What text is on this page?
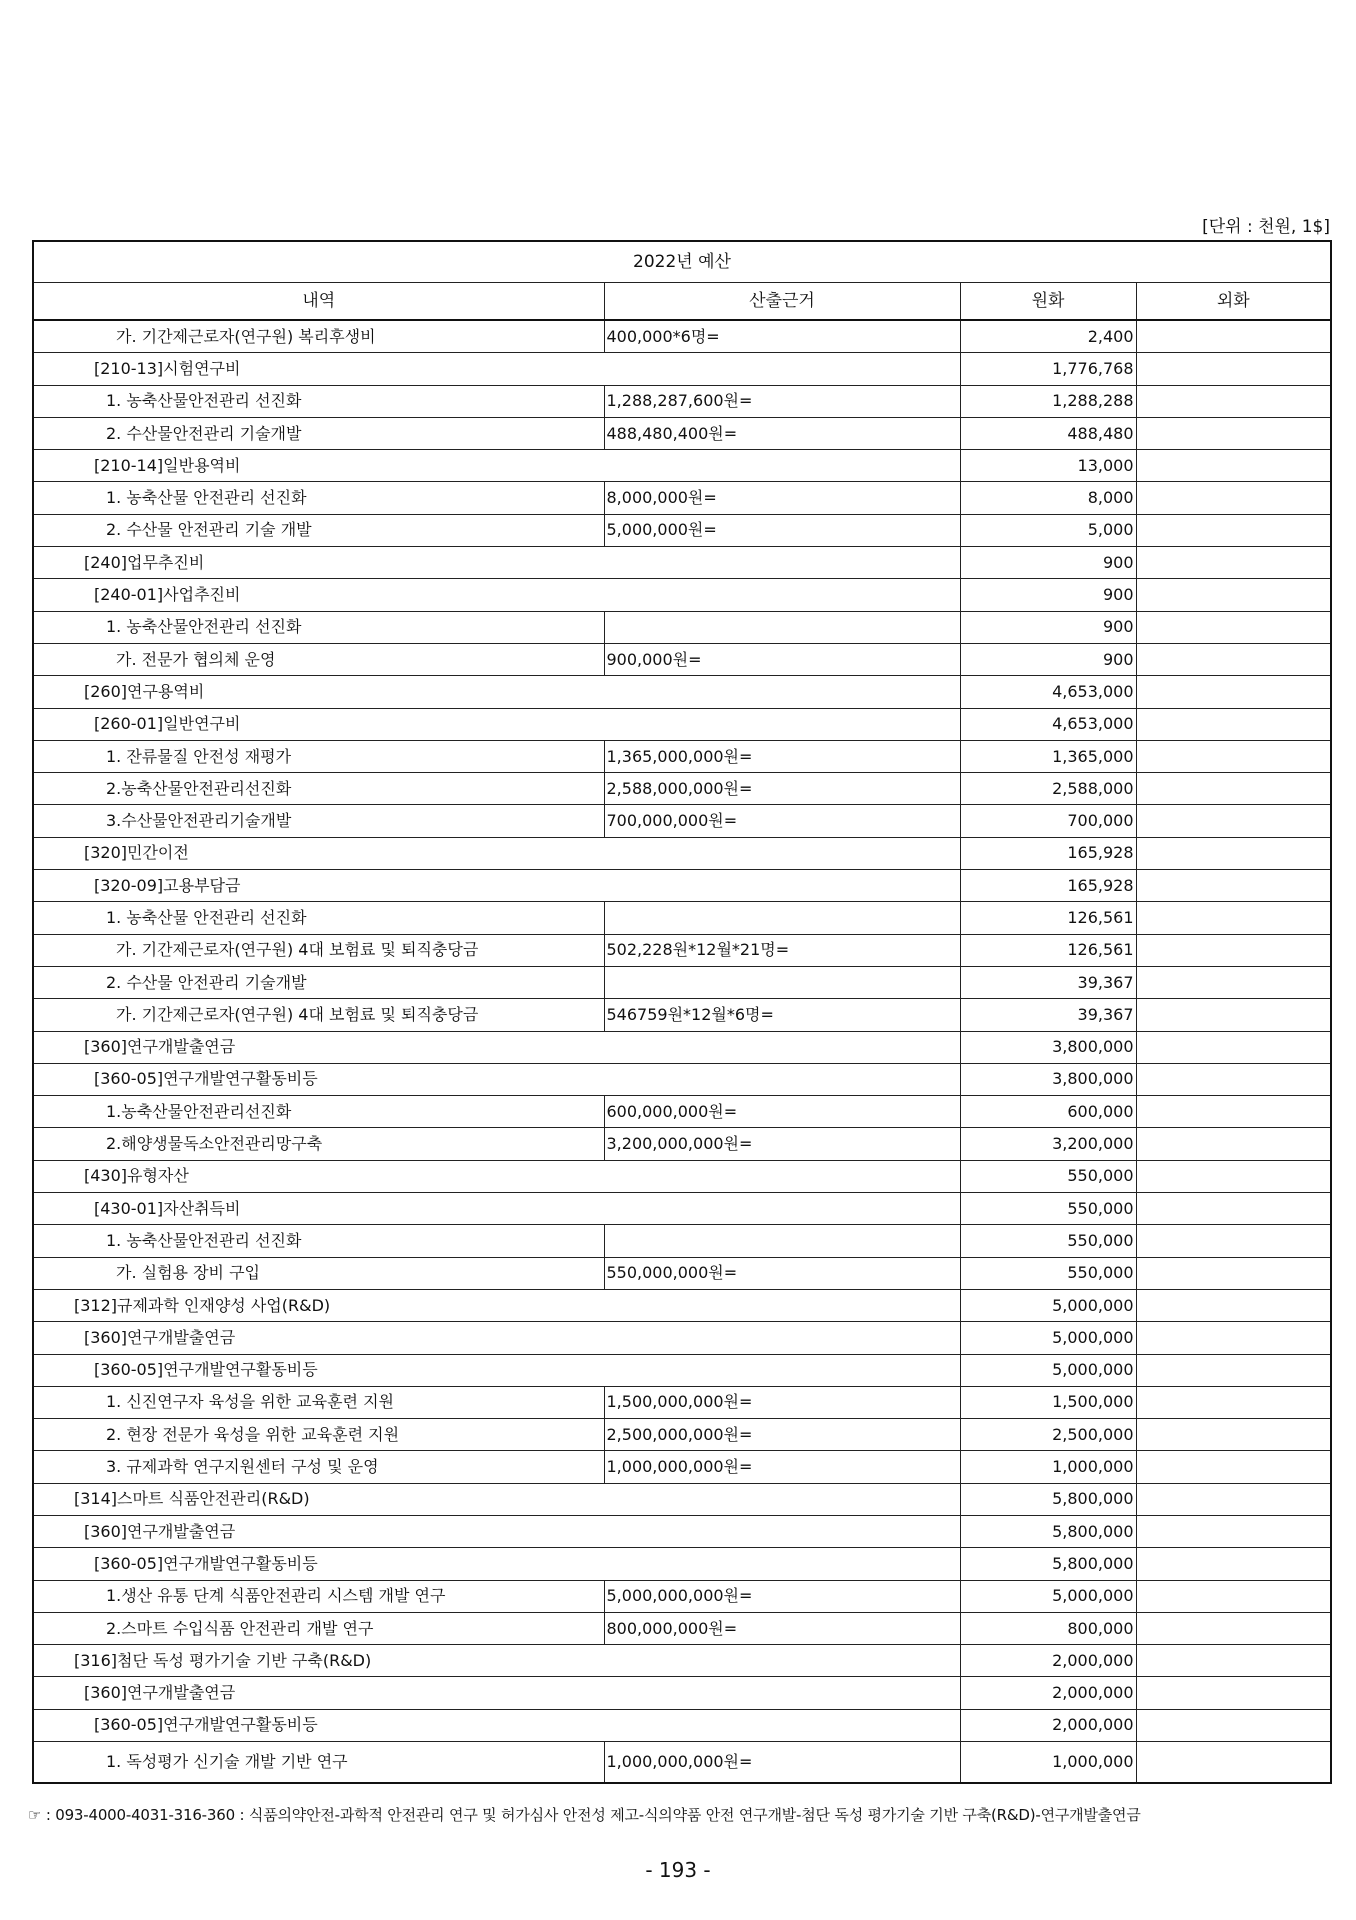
[단위 : 천원, 1$]
2022년 예산			
내역	산출근거	원화	외화
가. 기간제근로자(연구원) 복리후생비	400,000*6명=	2,400	
[210-13]시험연구비		1,776,768	
1. 농축산물안전관리 선진화	1,288,287,600원=	1,288,288	
2. 수산물안전관리 기술개발	488,480,400원=	488,480	
[210-14]일반용역비		13,000	
1. 농축산물 안전관리 선진화	8,000,000원=	8,000	
2. 수산물 안전관리 기술 개발	5,000,000원=	5,000	
[240]업무추진비		900	
[240-01]사업추진비		900	
1. 농축산물안전관리 선진화		900	
가. 전문가 협의체 운영	900,000원=	900	
[260]연구용역비		4,653,000	
[260-01]일반연구비		4,653,000	
1. 잔류물질 안전성 재평가	1,365,000,000원=	1,365,000	
2.농축산물안전관리선진화	2,588,000,000원=	2,588,000	
3.수산물안전관리기술개발	700,000,000원=	700,000	
[320]민간이전		165,928	
[320-09]고용부담금		165,928	
1. 농축산물 안전관리 선진화		126,561	
가. 기간제근로자(연구원) 4대 보험료 및 퇴직충당금	502,228원*12월*21명=	126,561	
2. 수산물 안전관리 기술개발		39,367	
가. 기간제근로자(연구원) 4대 보험료 및 퇴직충당금	546759원*12월*6명=	39,367	
[360]연구개발출연금		3,800,000	
[360-05]연구개발연구활동비등		3,800,000	
1.농축산물안전관리선진화	600,000,000원=	600,000	
2.해양생물독소안전관리망구축	3,200,000,000원=	3,200,000	
[430]유형자산		550,000	
[430-01]자산취득비		550,000	
1. 농축산물안전관리 선진화		550,000	
가. 실험용 장비 구입	550,000,000원=	550,000	
[312]규제과학 인재양성 사업(R&D)		5,000,000	
[360]연구개발출연금		5,000,000	
[360-05]연구개발연구활동비등		5,000,000	
1. 신진연구자 육성을 위한 교육훈련 지원	1,500,000,000원=	1,500,000	
2. 현장 전문가 육성을 위한 교육훈련 지원	2,500,000,000원=	2,500,000	
3. 규제과학 연구지원센터 구성 및 운영	1,000,000,000원=	1,000,000	
[314]스마트 식품안전관리(R&D)		5,800,000	
[360]연구개발출연금		5,800,000	
[360-05]연구개발연구활동비등		5,800,000	
1.생산 유통 단계 식품안전관리 시스템 개발 연구	5,000,000,000원=	5,000,000	
2.스마트 수입식품 안전관리 개발 연구	800,000,000원=	800,000	
[316]첨단 독성 평가기술 기반 구축(R&D)		2,000,000	
[360]연구개발출연금		2,000,000	
[360-05]연구개발연구활동비등		2,000,000	
1. 독성평가 신기술 개발 기반 연구	1,000,000,000원=	1,000,000	
☞ : 093-4000-4031-316-360 : 식품의약안전-과학적 안전관리 연구 및 허가심사 안전성 제고-식의약품 안전 연구개발-첨단 독성 평가기술 기반 구축(R&D)-연구개발출연금
- 193 -
